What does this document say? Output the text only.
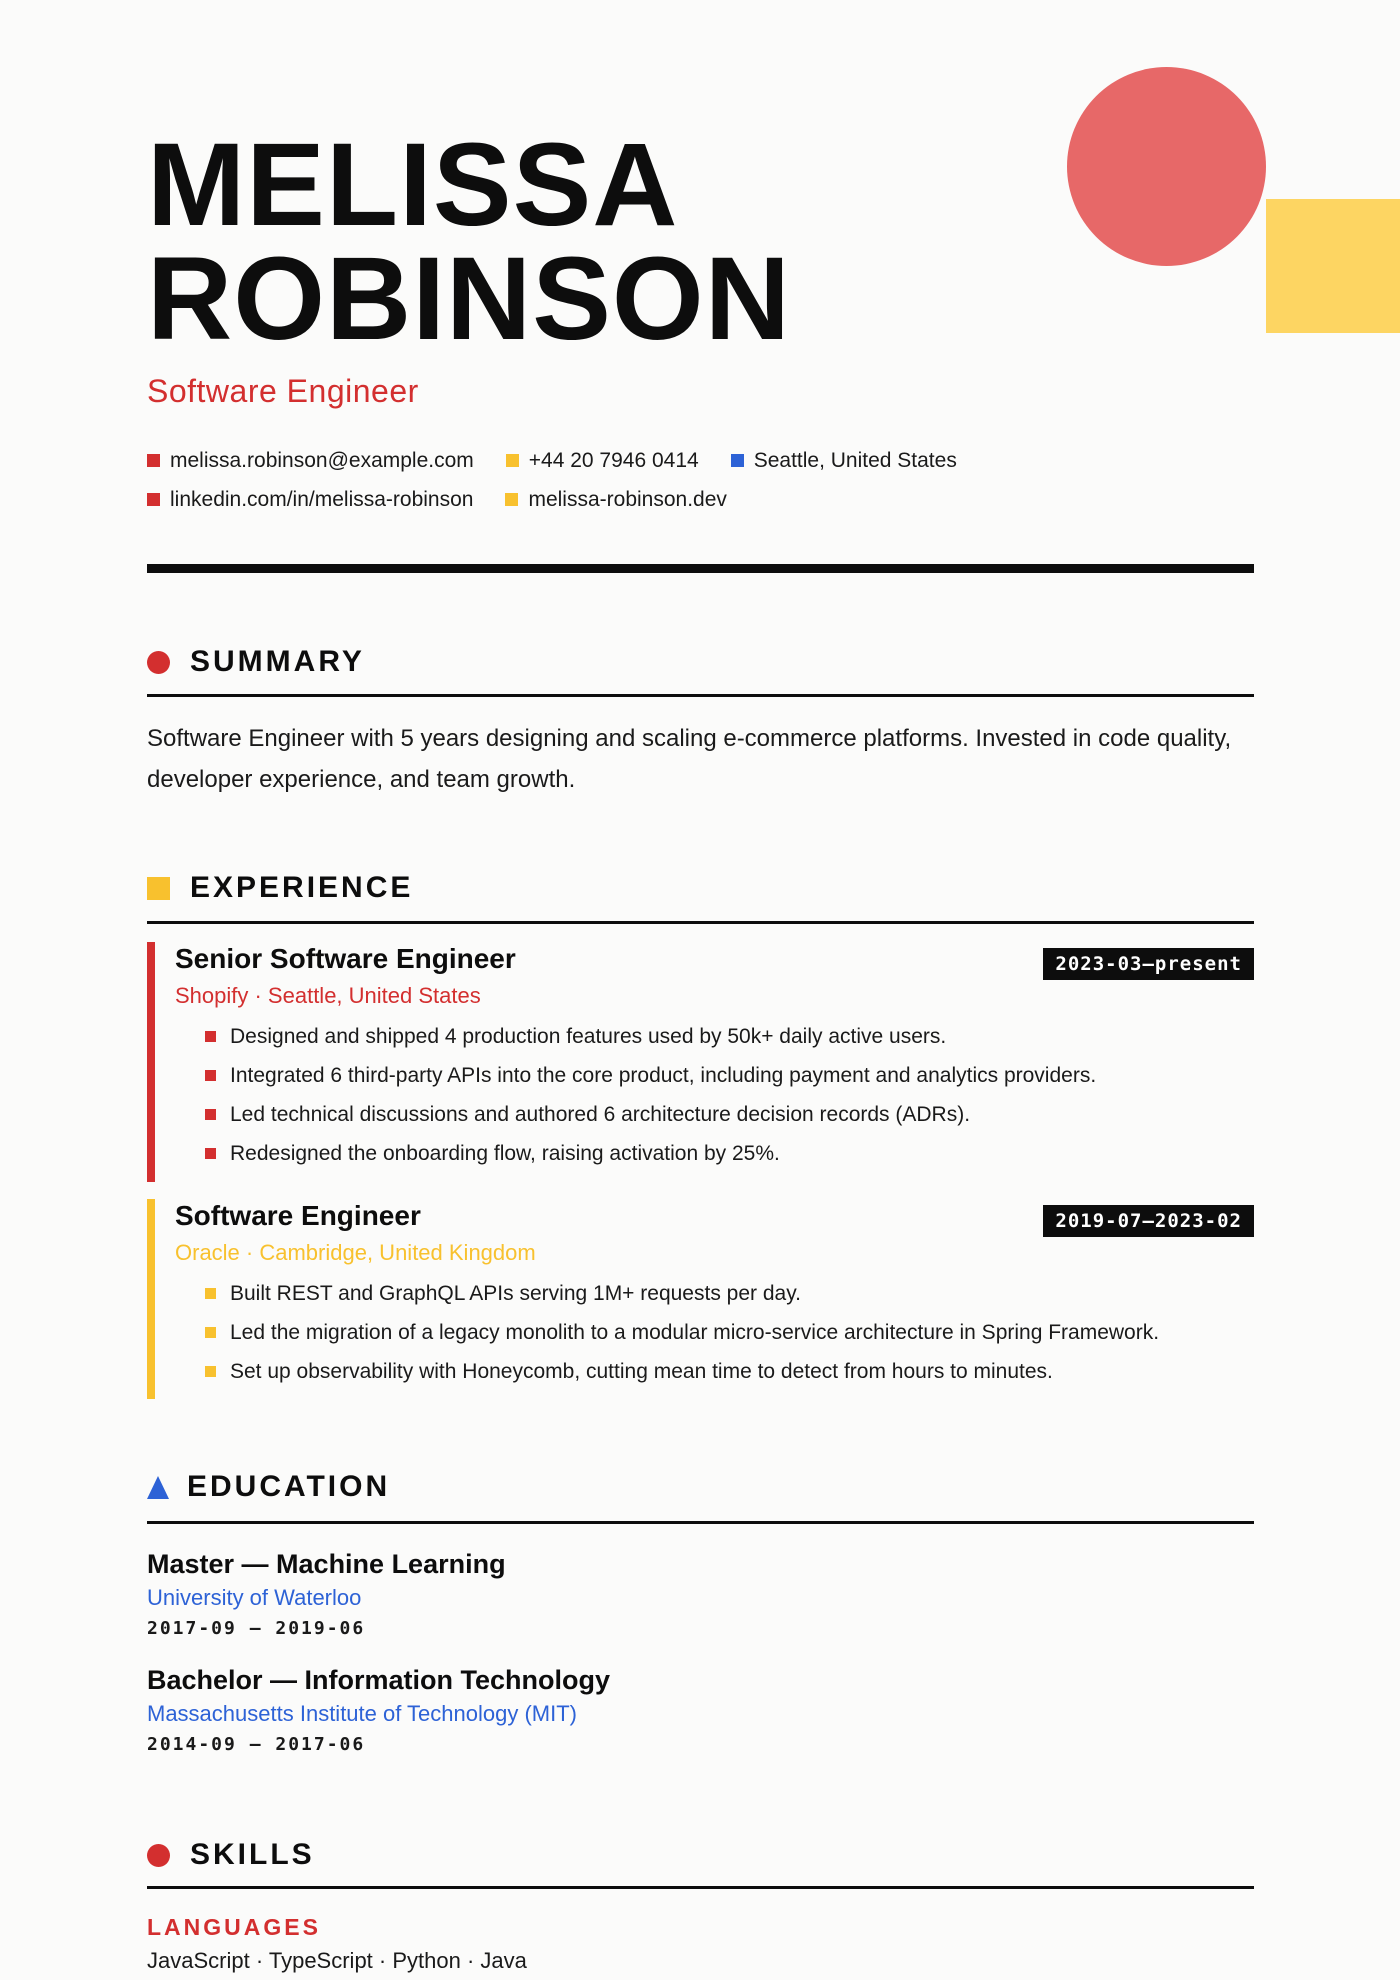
MELISSA
ROBINSON
Software Engineer
melissa.robinson@example.com	+44 20 7946 0414	Seattle, United States
linkedin.com/in/melissa-robinson	melissa-robinson.dev
SUMMARY

Software Engineer with 5 years designing and scaling e-commerce platforms. Invested in code quality, developer experience, and team growth.

EXPERIENCE
Senior Software Engineer
Shopify · Seattle, United States
Designed and shipped 4 production features used by 50k+ daily active users.
Integrated 6 third-party APIs into the core product, including payment and analytics providers.
Led technical discussions and authored 6 architecture decision records (ADRs).
Redesigned the onboarding flow, raising activation by 25%.
2023-03—present
Software Engineer
Oracle · Cambridge, United Kingdom
Built REST and GraphQL APIs serving 1M+ requests per day.
Led the migration of a legacy monolith to a modular micro-service architecture in Spring Framework.
Set up observability with Honeycomb, cutting mean time to detect from hours to minutes.
2019-07—2023-02
EDUCATION
Master — Machine Learning
University of Waterloo
2017-09 – 2019-06
Bachelor — Information Technology
Massachusetts Institute of Technology (MIT)
2014-09 – 2017-06
SKILLS
LANGUAGES
JavaScript · TypeScript · Python · Java
